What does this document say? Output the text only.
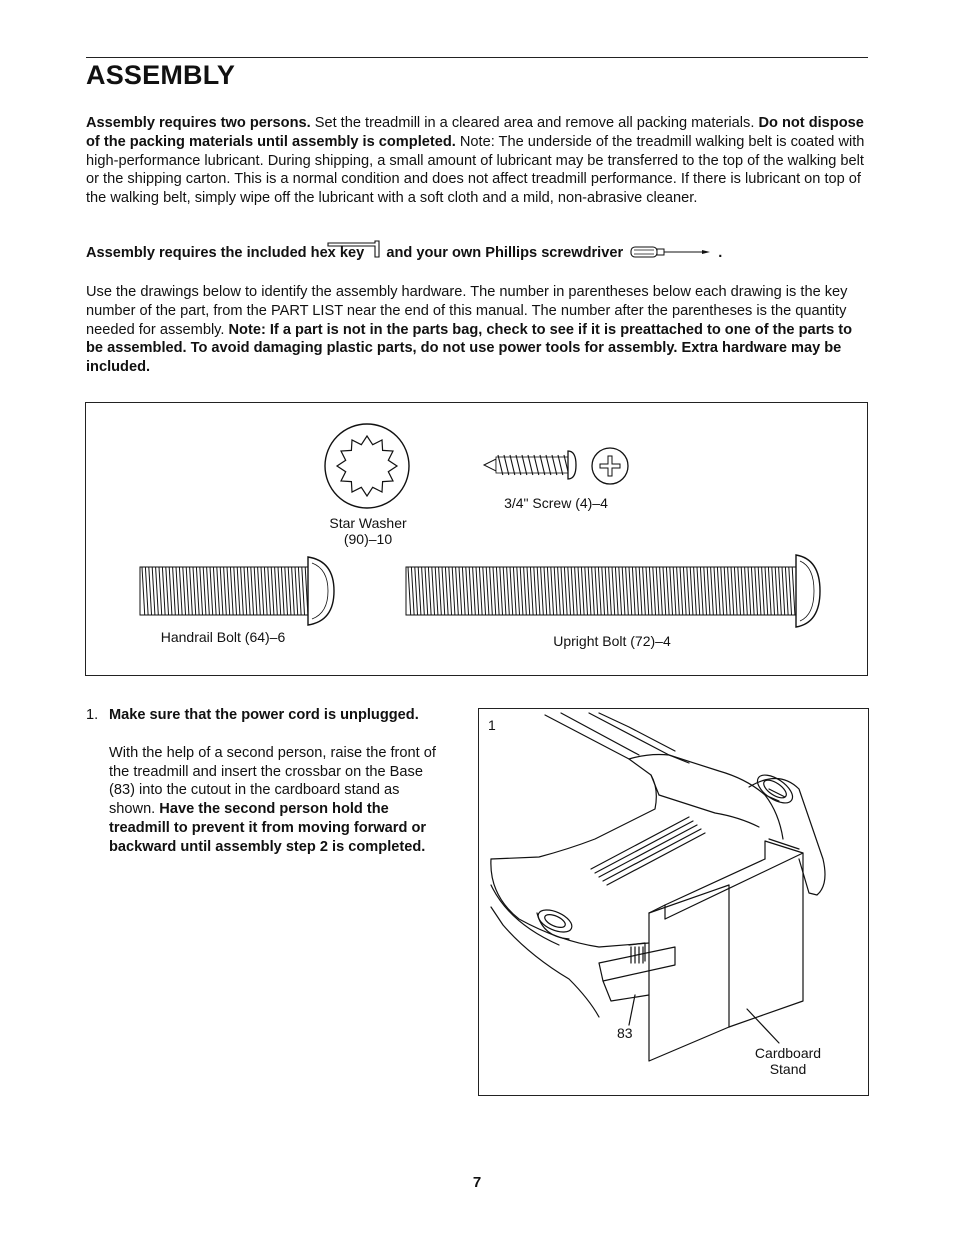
ASSEMBLY
Assembly requires two persons. Set the treadmill in a cleared area and remove all packing materials. Do not dispose of the packing materials until assembly is completed. Note: The underside of the treadmill walking belt is coated with high-performance lubricant. During shipping, a small amount of lubricant may be transferred to the top of the walking belt or the shipping carton. This is a normal condition and does not affect treadmill performance. If there is lubricant on top of the walking belt, simply wipe off the lubricant with a soft cloth and a mild, non-abrasive cleaner.
Assembly requires the included hex key and your own Phillips screwdriver	.
Use the drawings below to identify the assembly hardware. The number in parentheses below each drawing is the key number of the part, from the PART LIST near the end of this manual. The number after the parentheses is the quantity needed for assembly. Note: If a part is not in the parts bag, check to see if it is preattached to one of the parts to be assembled. To avoid damaging plastic parts, do not use power tools for assembly. Extra hardware may be included.
Star Washer
(90)–10
3/4" Screw (4)–4
Handrail Bolt (64)–6	Upright Bolt (72)–4
1. Make sure that the power cord is unplugged.
With the help of a second person, raise the front of the treadmill and insert the crossbar on the Base (83) into the cutout in the cardboard stand as shown. Have the second person hold the treadmill to prevent it from moving forward or backward until assembly step 2 is completed.
1
83
Cardboard
Stand
7
